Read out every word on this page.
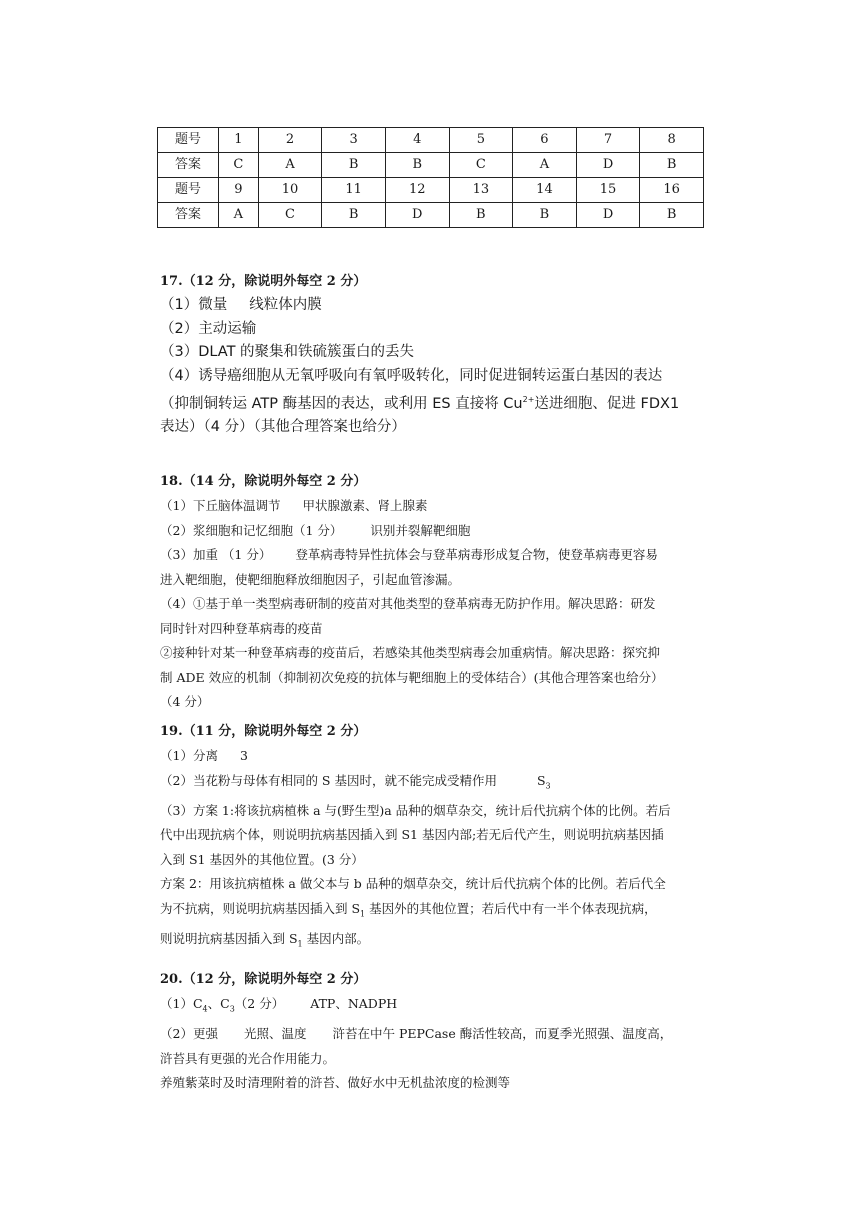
题号	1	2	3	4	5	6	7	8
答案	C	A	B	B	C	A	D	B
题号	9	10	11	12	13	14	15	16
答案	A	C	B	D	B	B	D	B
17.（12 分，除说明外每空 2 分）

（1）微量 线粒体内膜

（2）主动运输

（3）DLAT 的聚集和铁硫簇蛋白的丢失

（4）诱导癌细胞从无氧呼吸向有氧呼吸转化，同时促进铜转运蛋白基因的表达

（抑制铜转运 ATP 酶基因的表达，或利用 ES 直接将 $Cu^{2+}$送进细胞、促进 FDX1

表达）（4 分）（其他合理答案也给分）

18.（14 分，除说明外每空 2 分）

（1）下丘脑体温调节 甲状腺激素、肾上腺素

（2）浆细胞和记忆细胞（1 分） 识别并裂解靶细胞

（3）加重 （1 分） 登革病毒特异性抗体会与登革病毒形成复合物，使登革病毒更容易

进入靶细胞，使靶细胞释放细胞因子，引起血管渗漏。

（4）①基于单一类型病毒研制的疫苗对其他类型的登革病毒无防护作用。解决思路：研发

同时针对四种登革病毒的疫苗

②接种针对某一种登革病毒的疫苗后，若感染其他类型病毒会加重病情。解决思路：探究抑

制 ADE 效应的机制（抑制初次免疫的抗体与靶细胞上的受体结合）(其他合理答案也给分）

（4 分）

19.（11 分，除说明外每空 2 分）

（1）分离 3

（2）当花粉与母体有相同的 S 基因时，就不能完成受精作用	$S_3$

（3）方案 1:将该抗病植株 a 与(野生型)a 品种的烟草杂交，统计后代抗病个体的比例。若后

代中出现抗病个体，则说明抗病基因插入到 S1 基因内部;若无后代产生，则说明抗病基因插

入到 S1 基因外的其他位置。(3 分）

方案 2：用该抗病植株 a 做父本与 b 品种的烟草杂交，统计后代抗病个体的比例。若后代全

为不抗病，则说明抗病基因插入到 $S_1$ 基因外的其他位置；若后代中有一半个体表现抗病，

则说明抗病基因插入到 $S_1$ 基因内部。

20.（12 分，除说明外每空 2 分）

$(1)C_4$、$C_3(2$ 分） ATP、NADPH

（2）更强 光照、温度 浒苔在中午 PEPCase 酶活性较高，而夏季光照强、温度高，

浒苔具有更强的光合作用能力。

养殖紫菜时及时清理附着的浒苔、做好水中无机盐浓度的检测等
